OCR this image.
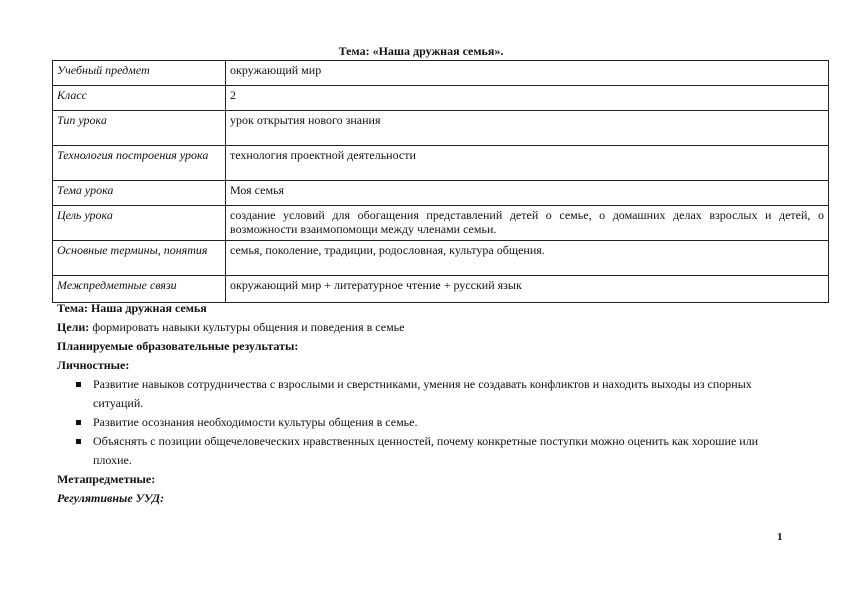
Тема: «Наша дружная семья».
Учебный предмет	окружающий мир
Класс	2
Тип урока	урок открытия нового знания
Технология построения урока	технология проектной деятельности
Тема урока	Моя семья
Цель урока	создание условий для обогащения представлений детей о семье, о домашних делах взрослых и детей, о возможности взаимопомощи между членами семьи.
Основные термины, понятия	семья, поколение, традиции, родословная, культура общения.
Межпредметные связи	окружающий мир + литературное чтение + русский язык
Тема: Наша дружная семья
Цели: формировать навыки культуры общения и поведения в семье
Планируемые образовательные результаты:
Личностные:
Развитие навыков сотрудничества с взрослыми и сверстниками, умения не создавать конфликтов и находить выходы из спорных ситуаций.
Развитие осознания необходимости культуры общения в семье.
Объяснять с позиции общечеловеческих нравственных ценностей, почему конкретные поступки можно оценить как хорошие или плохие.
Метапредметные:
Регулятивные УУД:
1
